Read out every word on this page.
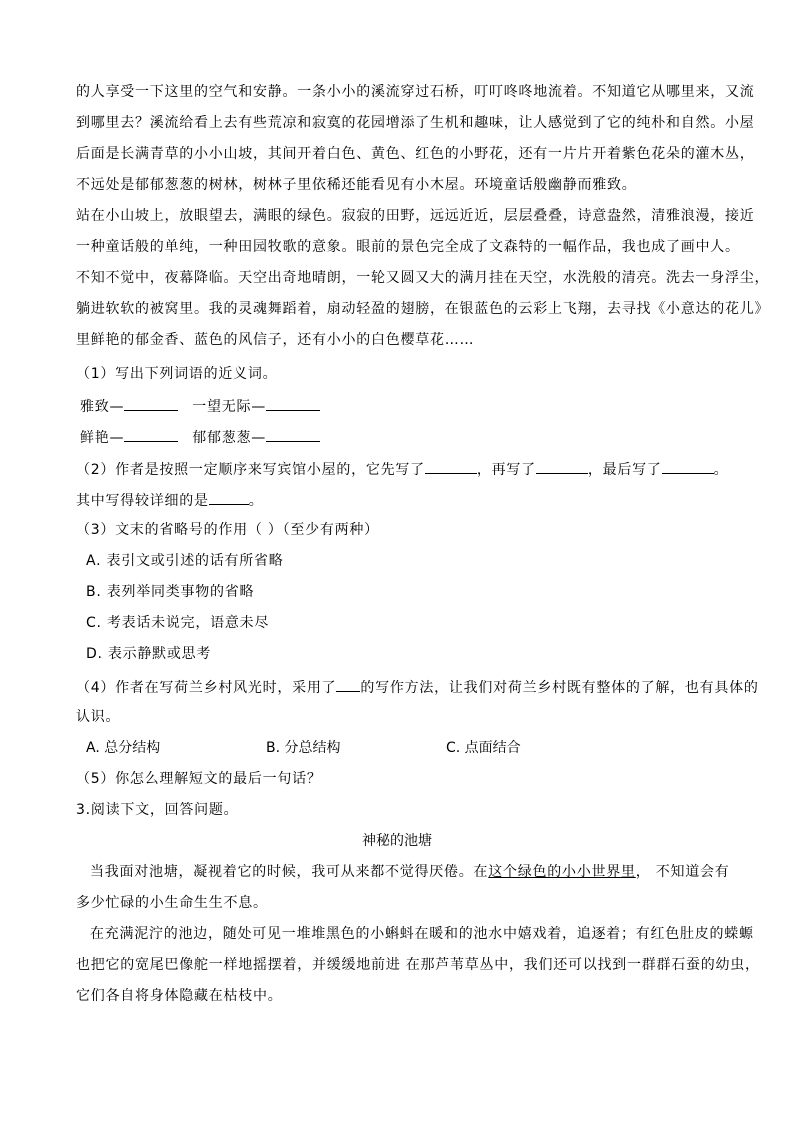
的人享受一下这里的空气和安静。一条小小的溪流穿过石桥，叮叮咚咚地流着。不知道它从哪里来，又流
到哪里去？溪流给看上去有些荒凉和寂寞的花园增添了生机和趣味，让人感觉到了它的纯朴和自然。小屋
后面是长满青草的小小山坡，其间开着白色、黄色、红色的小野花，还有一片片开着紫色花朵的灌木丛，
不远处是郁郁葱葱的树林，树林子里依稀还能看见有小木屋。环境童话般幽静而雅致。
站在小山坡上，放眼望去，满眼的绿色。寂寂的田野，远远近近，层层叠叠，诗意盎然，清雅浪漫，接近
一种童话般的单纯，一种田园牧歌的意象。眼前的景色完全成了文森特的一幅作品，我也成了画中人。
不知不觉中，夜幕降临。天空出奇地晴朗，一轮又圆又大的满月挂在天空，水洗般的清亮。洗去一身浮尘，
躺进软软的被窝里。我的灵魂舞蹈着，扇动轻盈的翅膀，在银蓝色的云彩上飞翔，去寻找《小意达的花儿》
里鲜艳的郁金香、蓝色的风信子，还有小小的白色樱草花……
（1）写出下列词语的近义词。
雅致—	一望无际—
鲜艳—	郁郁葱葱—
（2）作者是按照一定顺序来写宾馆小屋的，它先写了	，再写了	，最后写了	。
其中写得较详细的是	。
（3）文末的省略号的作用（ ）（至少有两种）
A. 表引文或引述的话有所省略
B. 表列举同类事物的省略
C. 考表话未说完，语意未尽
D. 表示静默或思考
（4）作者在写荷兰乡村风光时，采用了 的写作方法，让我们对荷兰乡村既有整体的了解，也有具体的
认识。
A. 总分结构	B. 分总结构	C. 点面结合
（5）你怎么理解短文的最后一句话？
3.阅读下文，回答问题。
神秘的池塘
当我面对池塘，凝视着它的时候，我可从来都不觉得厌倦。在这个绿色的小小世界里， 不知道会有
多少忙碌的小生命生生不息。
在充满泥泞的池边，随处可见一堆堆黑色的小蝌蚪在暖和的池水中嬉戏着，追逐着；有红色肚皮的蝾螈
也把它的宽尾巴像舵一样地摇摆着，并缓缓地前进 在那芦苇草丛中，我们还可以找到一群群石蚕的幼虫，
它们各自将身体隐藏在枯枝中。
